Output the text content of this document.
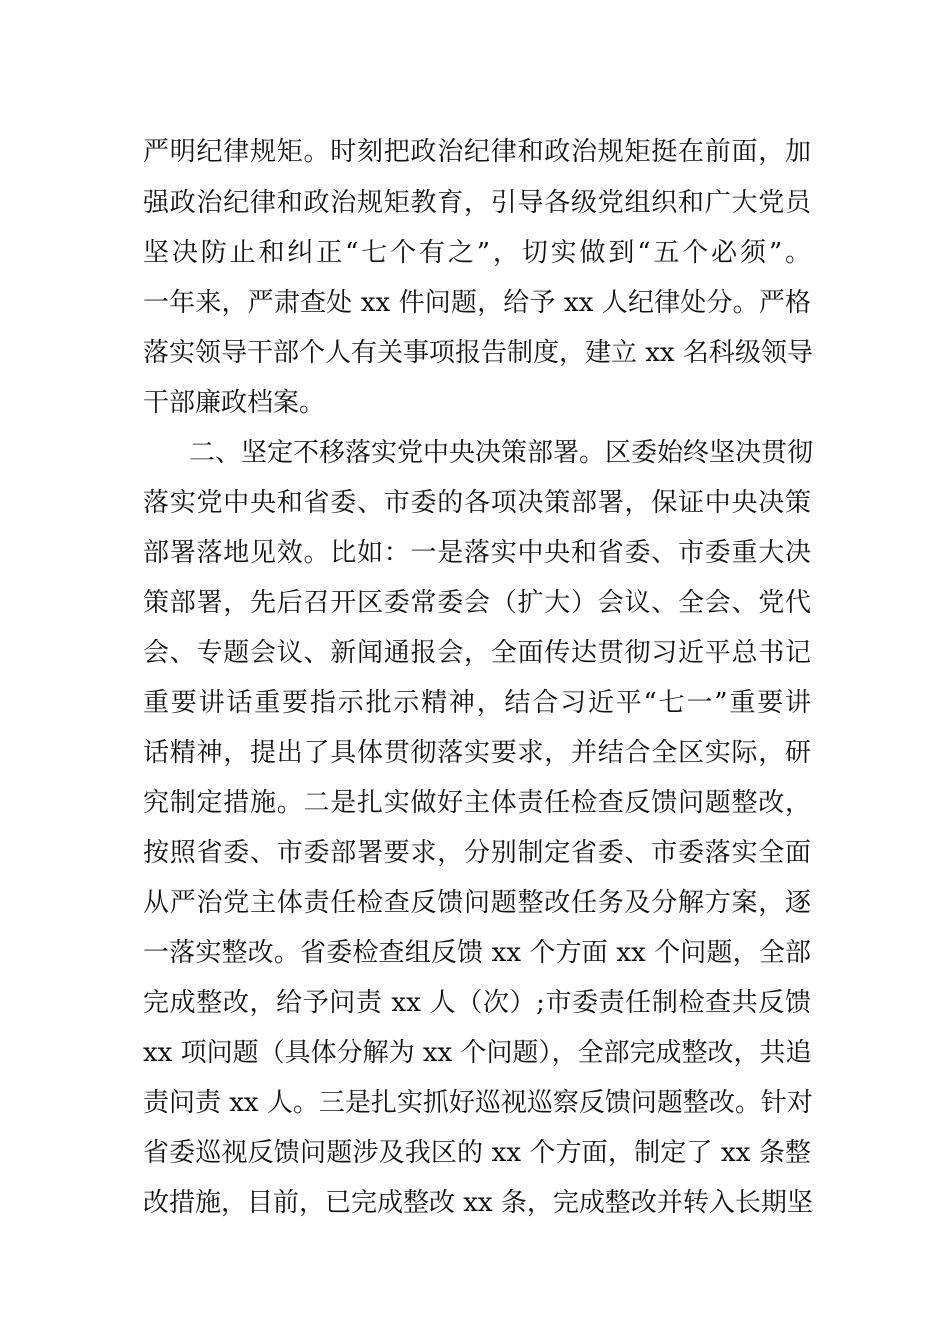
严明纪律规矩。时刻把政治纪律和政治规矩挺在前面，加
强政治纪律和政治规矩教育，引导各级党组织和广大党员
坚决防止和纠正“七个有之”，切实做到“五个必须”。
一年来，严肃查处 xx 件问题，给予 xx 人纪律处分。严格
落实领导干部个人有关事项报告制度，建立 xx 名科级领导
干部廉政档案。
二、坚定不移落实党中央决策部署。区委始终坚决贯彻
落实党中央和省委、市委的各项决策部署，保证中央决策
部署落地见效。比如：一是落实中央和省委、市委重大决
策部署，先后召开区委常委会（扩大）会议、全会、党代
会、专题会议、新闻通报会，全面传达贯彻习近平总书记
重要讲话重要指示批示精神，结合习近平“七一”重要讲
话精神，提出了具体贯彻落实要求，并结合全区实际，研
究制定措施。二是扎实做好主体责任检查反馈问题整改，
按照省委、市委部署要求，分别制定省委、市委落实全面
从严治党主体责任检查反馈问题整改任务及分解方案，逐
一落实整改。省委检查组反馈 xx 个方面 xx 个问题，全部
完成整改，给予问责 xx 人（次）;市委责任制检查共反馈
xx 项问题（具体分解为 xx 个问题），全部完成整改，共追
责问责 xx 人。三是扎实抓好巡视巡察反馈问题整改。针对
省委巡视反馈问题涉及我区的 xx 个方面，制定了 xx 条整
改措施，目前，已完成整改 xx 条，完成整改并转入长期坚
